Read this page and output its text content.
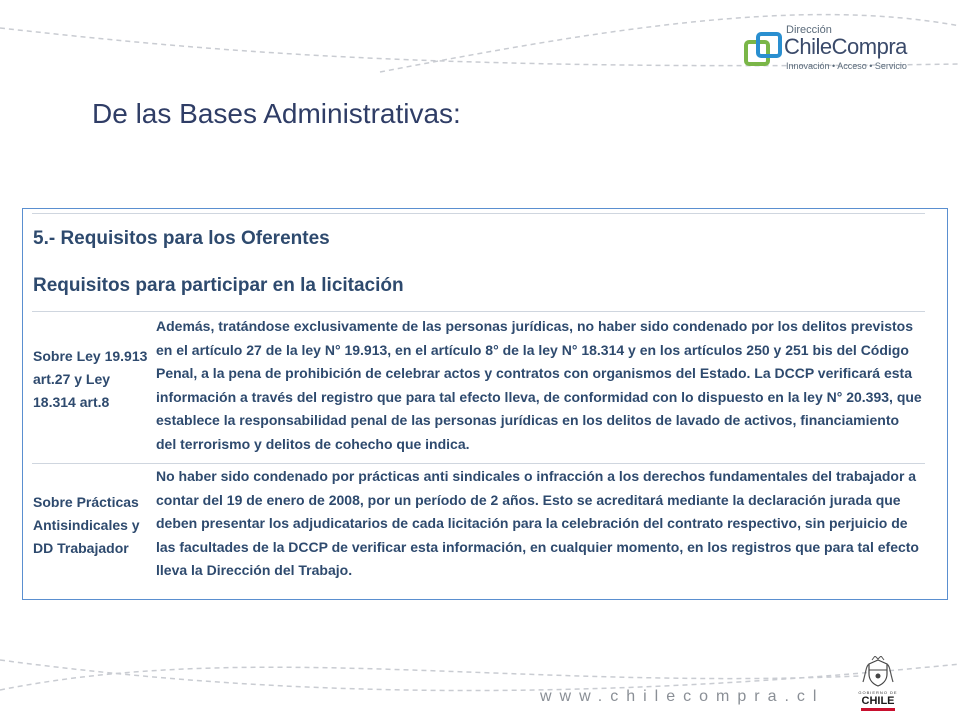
Dirección
ChileCompra
Innovación • Acceso • Servicio
De las Bases Administrativas:
5.- Requisitos para los Oferentes
Requisitos para participar en la licitación
Sobre Ley 19.913
art.27 y Ley
18.314 art.8
Además, tratándose exclusivamente de las personas jurídicas, no haber sido condenado por los delitos previstos en el artículo 27 de la ley N° 19.913, en el artículo 8° de la ley N° 18.314 y en los artículos 250 y 251 bis del Código Penal, a la pena de prohibición de celebrar actos y contratos con organismos del Estado. La DCCP verificará esta información a través del registro que para tal efecto lleva, de conformidad con lo dispuesto en la ley N° 20.393, que establece la responsabilidad penal de las personas jurídicas en los delitos de lavado de activos, financiamiento del terrorismo y delitos de cohecho que indica.
Sobre Prácticas
Antisindicales y
DD Trabajador
No haber sido condenado por prácticas anti sindicales o infracción a los derechos fundamentales del trabajador a contar del 19 de enero de 2008, por un período de 2 años. Esto se acreditará mediante la declaración jurada que deben presentar los adjudicatarios de cada licitación para la celebración del contrato respectivo, sin perjuicio de las facultades de la DCCP de verificar esta información, en cualquier momento, en los registros que para tal efecto lleva la Dirección del Trabajo.
www.chilecompra.cl	GOBIERNO DE
CHILE
